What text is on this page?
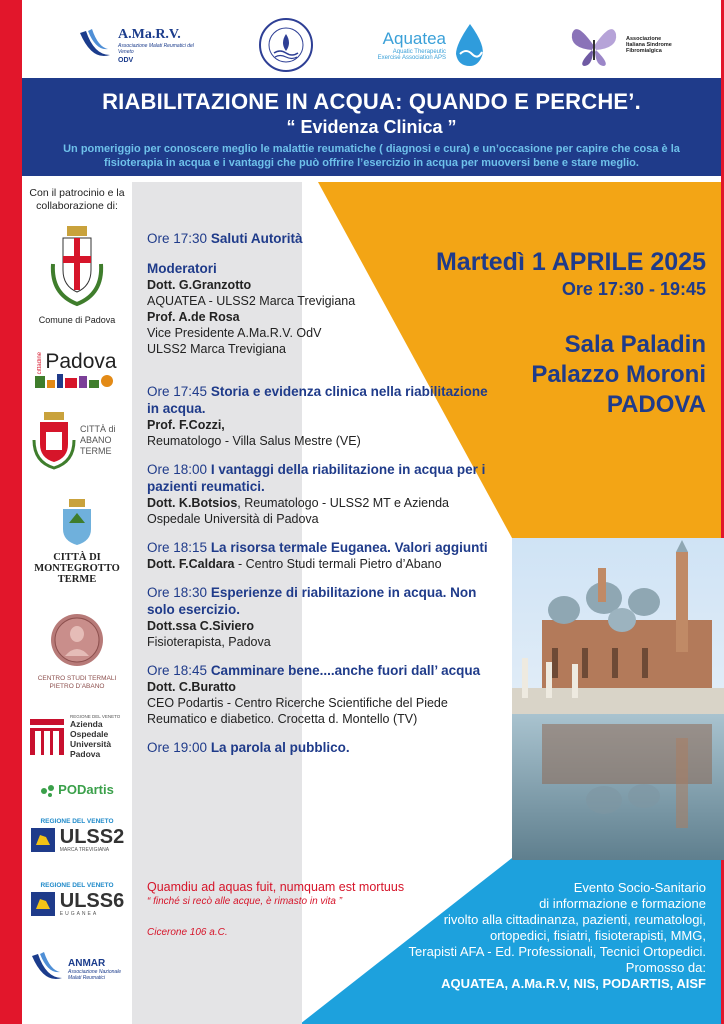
A.Ma.R.V.
Associazione Malati Reumatici del Veneto
ODV
Aquatea
Aquatic Therapeutic Exercise Association APS
Associazione Italiana Sindrome Fibromialgica
RIABILITAZIONE IN ACQUA: QUANDO E PERCHE’.
“ Evidenza Clinica ”
Un pomeriggio per conoscere meglio le malattie reumatiche ( diagnosi e cura) e un’occasione per capire che cosa è la fisioterapia in acqua e i vantaggi che può offrire l’esercizio in acqua per muoversi bene e stare meglio.
Con il patrocinio e la collaborazione di:
Comune di Padova
cittadine Padova
CITTÀ di ABANO TERME
CITTÀ DI
MONTEGROTTO
TERME
CENTRO STUDI TERMALI PIETRO D’ABANO
REGIONE DEL VENETO
Azienda Ospedale Università Padova
PODartis
REGIONE DEL VENETO
ULSS2
MARCA TREVIGIANA
REGIONE DEL VENETO
ULSS6
EUGANEA
ANMAR
Associazione Nazionale Malati Reumatici
Ore 17:30 Saluti Autorità
Moderatori
Dott. G.Granzotto
AQUATEA - ULSS2 Marca Trevigiana
Prof. A.de Rosa
Vice Presidente A.Ma.R.V. OdV
ULSS2 Marca Trevigiana
Ore 17:45 Storia e evidenza clinica nella riabilitazione in acqua.
Prof. F.Cozzi,
Reumatologo - Villa Salus Mestre (VE)
Ore 18:00 I vantaggi della riabilitazione in acqua per i pazienti reumatici.
Dott. K.Botsios, Reumatologo - ULSS2 MT e Azienda Ospedale Università di Padova
Ore 18:15 La risorsa termale Euganea. Valori aggiunti
Dott. F.Caldara - Centro Studi termali Pietro d’Abano
Ore 18:30 Esperienze di riabilitazione in acqua. Non solo esercizio.
Dott.ssa C.Siviero
Fisioterapista, Padova
Ore 18:45 Camminare bene....anche fuori dall’ acqua
Dott. C.Buratto
CEO Podartis - Centro Ricerche Scientifiche del Piede Reumatico e diabetico. Crocetta d. Montello (TV)
Ore 19:00 La parola al pubblico.
Quamdiu ad aquas fuit, numquam est mortuus
“ finché si recò alle acque, è rimasto in vita ”
Cicerone 106 a.C.
Martedì 1 APRILE 2025
Ore 17:30 - 19:45
Sala Paladin
Palazzo Moroni
PADOVA
Evento Socio-Sanitario
di informazione e formazione
rivolto alla cittadinanza, pazienti, reumatologi,
ortopedici, fisiatri, fisioterapisti, MMG,
Terapisti AFA - Ed. Professionali, Tecnici Ortopedici.
Promosso da:
AQUATEA, A.Ma.R.V, NIS, PODARTIS, AISF
